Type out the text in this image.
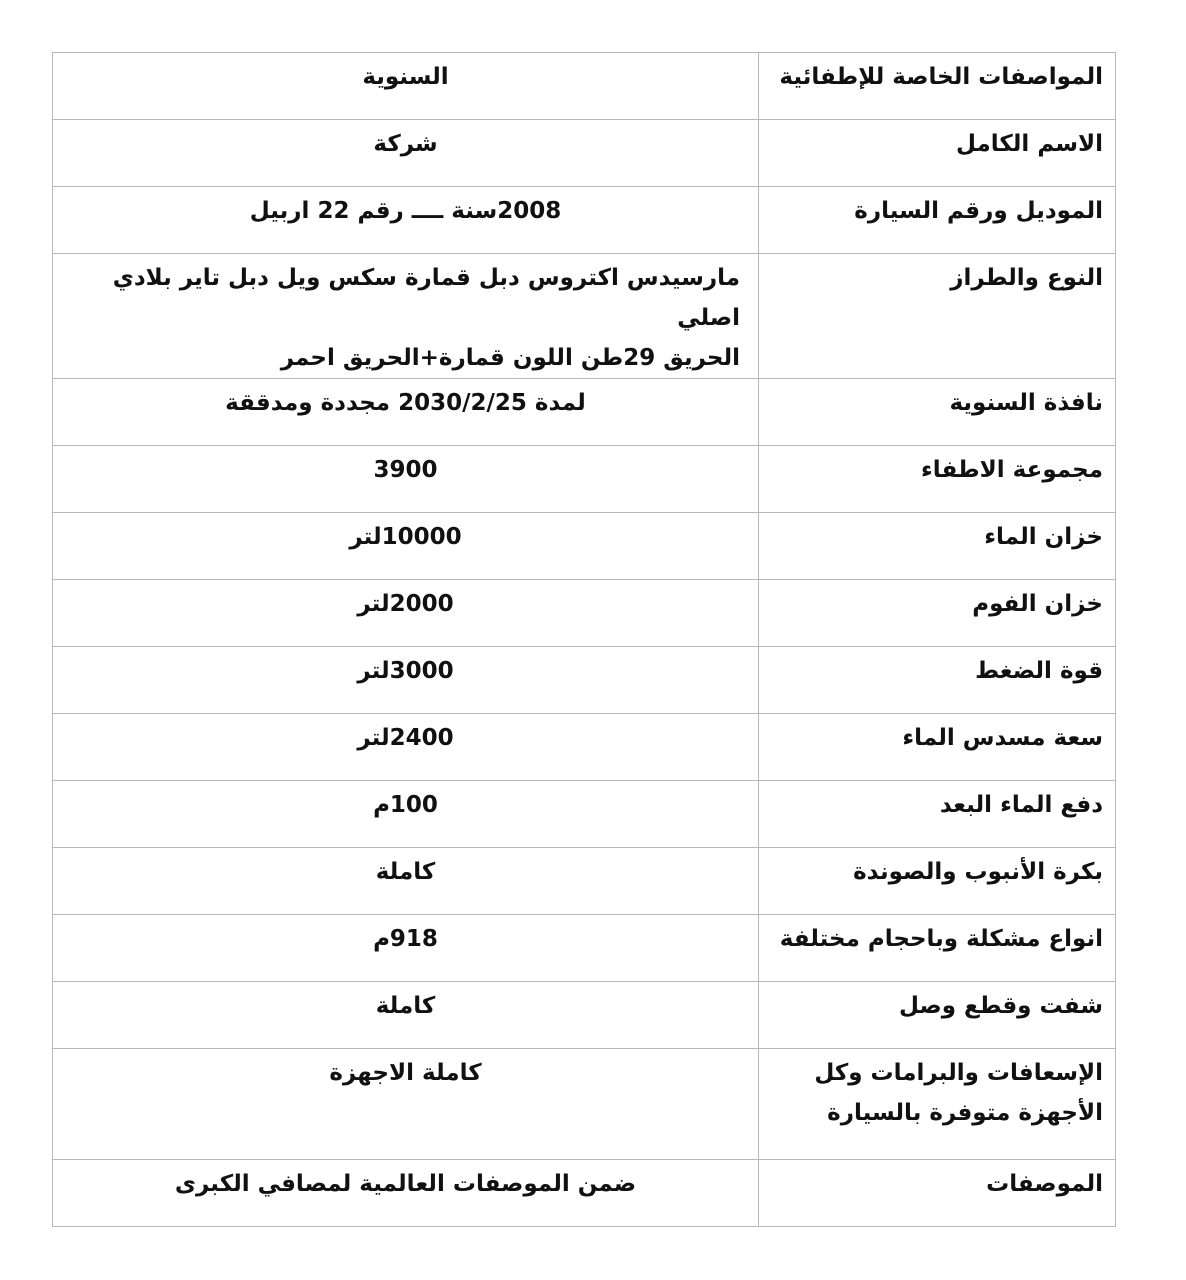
المواصفات الخاصة للإطفائية	السنوية
الاسم الكامل	شركة
الموديل ورقم السيارة	2008سنة ــــ رقم 22 اربيل
النوع والطراز	مارسيدس اكتروس دبل قمارة سكس ويل دبل تاير بلادي اصلي
الحريق 29طن اللون قمارة+الحريق احمر
نافذة السنوية	لمدة 2030/2/25 مجددة ومدققة
مجموعة الاطفاء	3900
خزان الماء	10000لتر
خزان الفوم	2000لتر
قوة الضغط	3000لتر
سعة مسدس الماء	2400لتر
دفع الماء البعد	100م
بكرة الأنبوب والصوندة	كاملة
انواع مشكلة وباحجام مختلفة	918م
شفت وقطع وصل	كاملة
الإسعافات والبرامات وكل
الأجهزة متوفرة بالسيارة	كاملة الاجهزة
الموصفات	ضمن الموصفات العالمية لمصافي الكبرى
